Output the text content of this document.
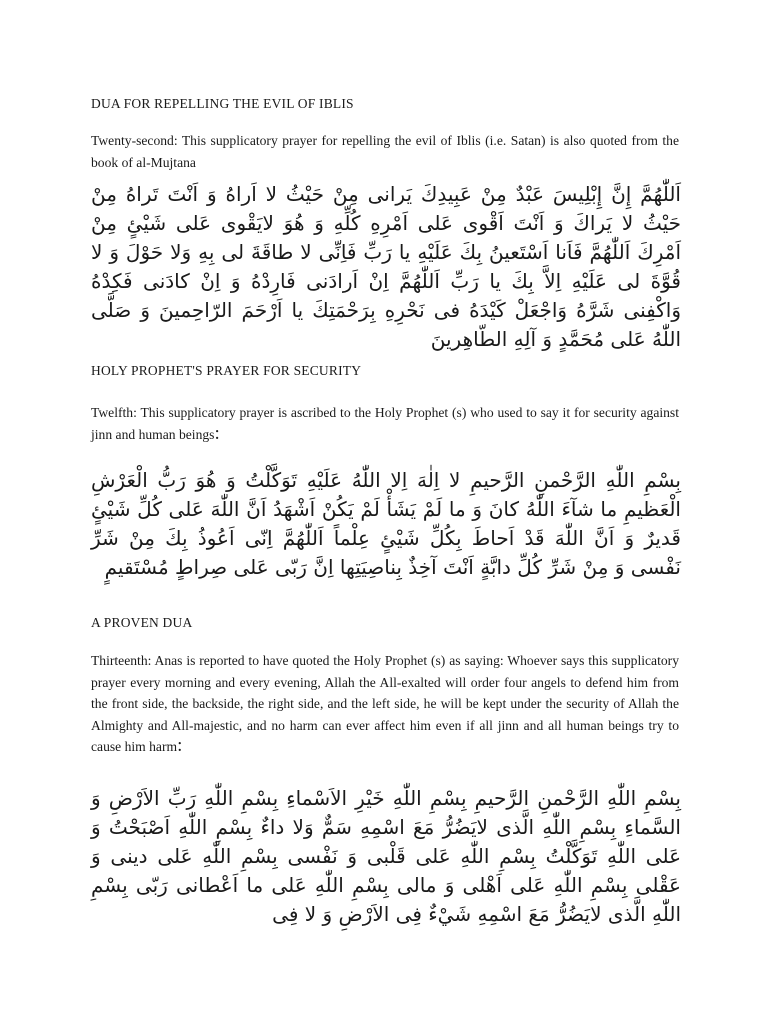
DUA FOR REPELLING THE EVIL OF IBLIS
Twenty-second: This supplicatory prayer for repelling the evil of Iblis (i.e. Satan) is also quoted from the book of al-Mujtana
اَللّٰهُمَّ إِنَّ إِبْلِيسَ عَبْدٌ مِنْ عَبِيدِكَ يَرانى مِنْ حَيْثُ لا اَراهُ وَ اَنْتَ تَراهُ مِنْ حَيْثُ لا يَراكَ وَ اَنْتَ اَقْوى عَلى اَمْرِهِ كُلِّهِ وَ هُوَ لايَقْوى عَلى شَيْئٍ مِنْ اَمْرِكَ اَللّٰهُمَّ فَاَنا اَسْتَعينُ بِكَ عَلَيْهِ يا رَبِّ فَاِنِّى لا طاقَةَ لى بِهِ وَلا حَوْلَ وَ لا قُوَّةَ لى عَلَيْهِ اِلاَّ بِكَ يا رَبِّ اَللّٰهُمَّ اِنْ اَرادَنى فَارِدْهُ وَ اِنْ كادَنى فَكِدْهُ وَاكْفِنى شَرَّهُ وَاجْعَلْ كَيْدَهُ فى نَحْرِهِ بِرَحْمَتِكَ يا اَرْحَمَ الرّاحِمينَ وَ صَلَّى اللّٰهُ عَلى مُحَمَّدٍ وَ آلِهِ الطّاهِرينَ
HOLY PROPHET'S PRAYER FOR SECURITY
Twelfth: This supplicatory prayer is ascribed to the Holy Prophet (s) who used to say it for security against jinn and human beings:
بِسْمِ اللّٰهِ الرَّحْمنِ الرَّحيمِ لا اِلٰهَ اِلا اللّٰهُ عَلَيْهِ تَوَكَّلْتُ وَ هُوَ رَبُّ الْعَرْشِ الْعَظيمِ ما شآءَ اللّٰهُ كانَ وَ ما لَمْ يَشَأْ لَمْ يَكُنْ اَشْهَدُ اَنَّ اللّٰهَ عَلى كُلِّ شَيْئٍ قَديرٌ وَ اَنَّ اللّٰهَ قَدْ اَحاطَ بِكُلِّ شَيْئٍ عِلْماً اَللّٰهُمَّ اِنّى اَعُوذُ بِكَ مِنْ شَرِّ نَفْسى وَ مِنْ شَرِّ كُلِّ دابَّةٍ اَنْتَ آخِذٌ بِناصِيَتِها اِنَّ رَبّى عَلى صِراطٍ مُسْتَقيمٍ
A PROVEN DUA
Thirteenth: Anas is reported to have quoted the Holy Prophet (s) as saying: Whoever says this supplicatory prayer every morning and every evening, Allah the All-exalted will order four angels to defend him from the front side, the backside, the right side, and the left side, he will be kept under the security of Allah the Almighty and All-majestic, and no harm can ever affect him even if all jinn and all human beings try to cause him harm:
بِسْمِ اللّٰهِ الرَّحْمنِ الرَّحيمِ بِسْمِ اللّٰهِ خَيْرِ الاَسْماءِ بِسْمِ اللّٰهِ رَبِّ الاَرْضِ وَ السَّماءِ بِسْمِ اللّٰهِ الَّذى لايَضُرُّ مَعَ اسْمِهِ سَمٌّ وَلا داءٌ بِسْمِ اللّٰهِ اَصْبَحْتُ وَ عَلى اللّٰهِ تَوَكَّلْتُ بِسْمِ اللّٰهِ عَلى قَلْبى وَ نَفْسى بِسْمِ اللّٰهِ عَلى دينى وَ عَقْلى بِسْمِ اللّٰهِ عَلى اَهْلى وَ مالى بِسْمِ اللّٰهِ عَلى ما اَعْطانى رَبّى بِسْمِ اللّٰهِ الَّذى لايَضُرُّ مَعَ اسْمِهِ شَيْءٌ فِى الاَرْضِ وَ لا فِى
